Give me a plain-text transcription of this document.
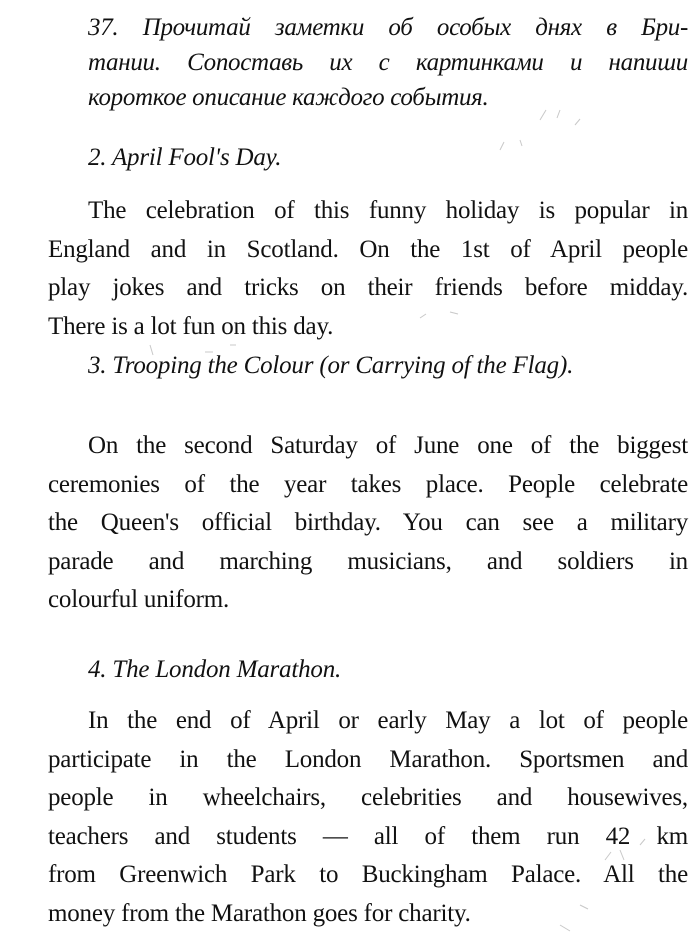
37. Прочитай заметки об особых днях в Бри-
тании. Сопоставь их с картинками и напиши
короткое описание каждого события.
2. April Fool's Day.
The celebration of this funny holiday is popular in
England and in Scotland. On the 1st of April people
play jokes and tricks on their friends before midday.
There is a lot fun on this day.
3. Trooping the Colour (or Carrying of the Flag).
On the second Saturday of June one of the biggest
ceremonies of the year takes place. People celebrate
the Queen's official birthday. You can see a military
parade and marching musicians, and soldiers in
colourful uniform.
4. The London Marathon.
In the end of April or early May a lot of people
participate in the London Marathon. Sportsmen and
people in wheelchairs, celebrities and housewives,
teachers and students — all of them run 42 km
from Greenwich Park to Buckingham Palace. All the
money from the Marathon goes for charity.
